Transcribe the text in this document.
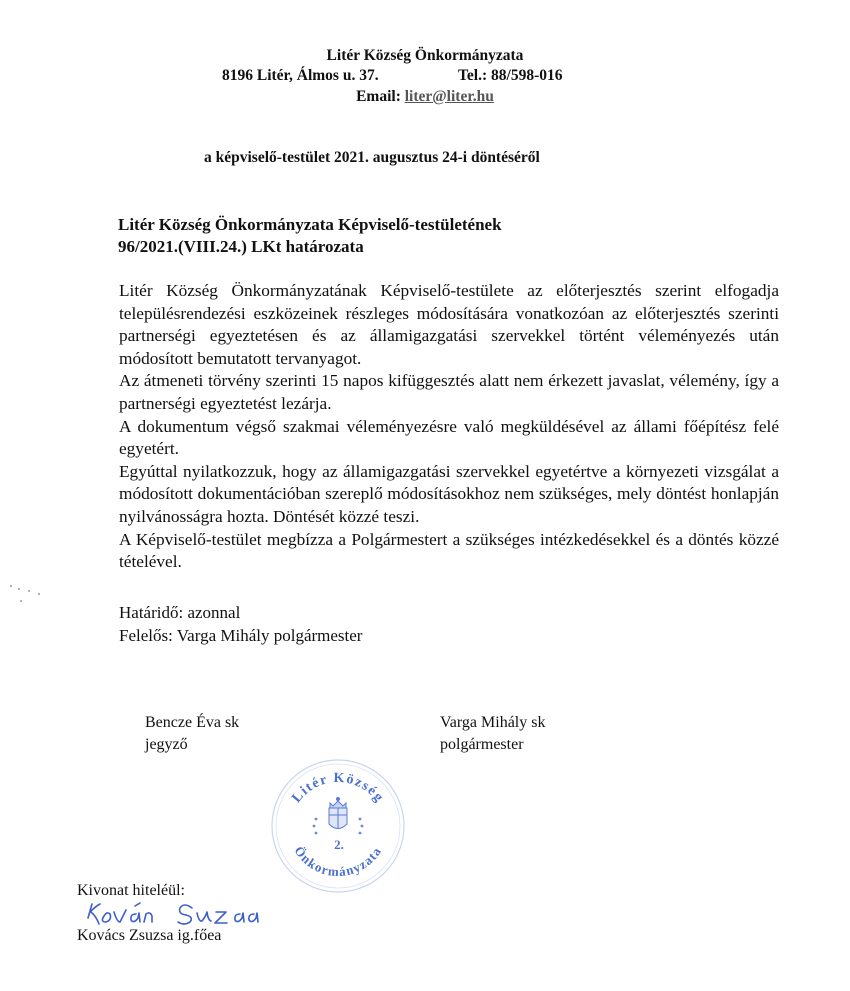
Litér Község Önkormányzata
8196 Litér, Álmos u. 37.	Tel.: 88/598-016
Email: liter@liter.hu
a képviselő-testület 2021. augusztus 24-i döntéséről
Litér Község Önkormányzata Képviselő-testületének
96/2021.(VIII.24.) LKt határozata

Litér Község Önkormányzatának Képviselő-testülete az előterjesztés szerint elfogadja településrendezési eszközeinek részleges módosítására vonatkozóan az előterjesztés szerinti partnerségi egyeztetésen és az államigazgatási szervekkel történt véleményezés után módosított bemutatott tervanyagot.

Az átmeneti törvény szerinti 15 napos kifüggesztés alatt nem érkezett javaslat, vélemény, így a partnerségi egyeztetést lezárja.

A dokumentum végső szakmai véleményezésre való megküldésével az állami főépítész felé egyetért.

Egyúttal nyilatkozzuk, hogy az államigazgatási szervekkel egyetértve a környezeti vizsgálat a módosított dokumentációban szereplő módosításokhoz nem szükséges, mely döntést honlapján nyilvánosságra hozta. Döntését közzé teszi.

A Képviselő-testület megbízza a Polgármestert a szükséges intézkedésekkel és a döntés közzé tételével.

Határidő: azonnal
Felelős: Varga Mihály polgármester
Bencze Éva sk
jegyző
Varga Mihály sk
polgármester
Litér Község
Önkormányzata
2.
Kivonat hiteléül:
Kovács Zsuzsa ig.főea
